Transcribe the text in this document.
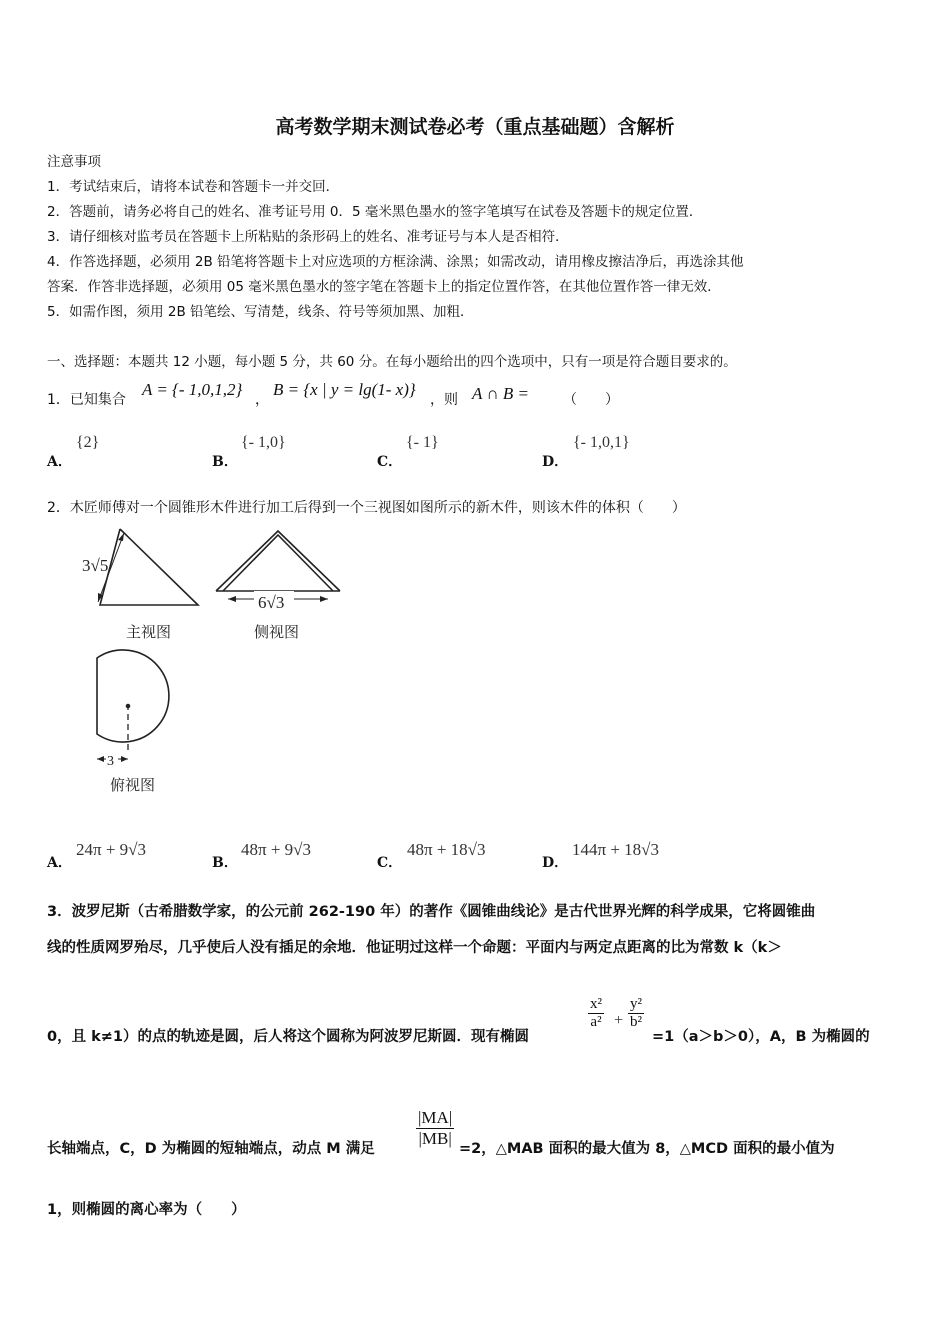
高考数学期末测试卷必考（重点基础题）含解析
注意事项
1．考试结束后，请将本试卷和答题卡一并交回．
2．答题前，请务必将自己的姓名、准考证号用 0．5 毫米黑色墨水的签字笔填写在试卷及答题卡的规定位置．
3．请仔细核对监考员在答题卡上所粘贴的条形码上的姓名、准考证号与本人是否相符．
4．作答选择题，必须用 2B 铅笔将答题卡上对应选项的方框涂满、涂黑；如需改动，请用橡皮擦洁净后，再选涂其他
答案．作答非选择题，必须用 05 毫米黑色墨水的签字笔在答题卡上的指定位置作答，在其他位置作答一律无效．
5．如需作图，须用 2B 铅笔绘、写清楚，线条、符号等须加黑、加粗．
一、选择题：本题共 12 小题，每小题 5 分，共 60 分。在每小题给出的四个选项中，只有一项是符合题目要求的。
1．已知集合
A = {- 1,0,1,2}
，
B = {x | y = lg(1- x)}
，则 A ∩ B = （　　）
A．
{2}
B．
{- 1,0}
C．
{- 1}
D．
{- 1,0,1}
2．木匠师傅对一个圆锥形木件进行加工后得到一个三视图如图所示的新木件，则该木件的体积（　　）
3√5
6√3
主视图	侧视图
3
俯视图
A．
24π + 9√3
B．
48π + 9√3
C．
48π + 18√3
D．
144π + 18√3
3．波罗尼斯（古希腊数学家，的公元前 262-190 年）的著作《圆锥曲线论》是古代世界光辉的科学成果，它将圆锥曲
线的性质网罗殆尽，几乎使后人没有插足的余地．他证明过这样一个命题：平面内与两定点距离的比为常数 k（k＞
0，且 k≠1）的点的轨迹是圆，后人将这个圆称为阿波罗尼斯圆．现有椭圆
$\frac{\text{x²}}{\text{a²}} + \frac{\text{y²}}{\text{b²}}$
=1（a＞b＞0），A，B 为椭圆的
长轴端点，C，D 为椭圆的短轴端点，动点 M 满足 $\frac{|MA|}{|MB|} =2$，△MAB 面积的最大值为 8，△MCD 面积的最小值为
1，则椭圆的离心率为（　　）
